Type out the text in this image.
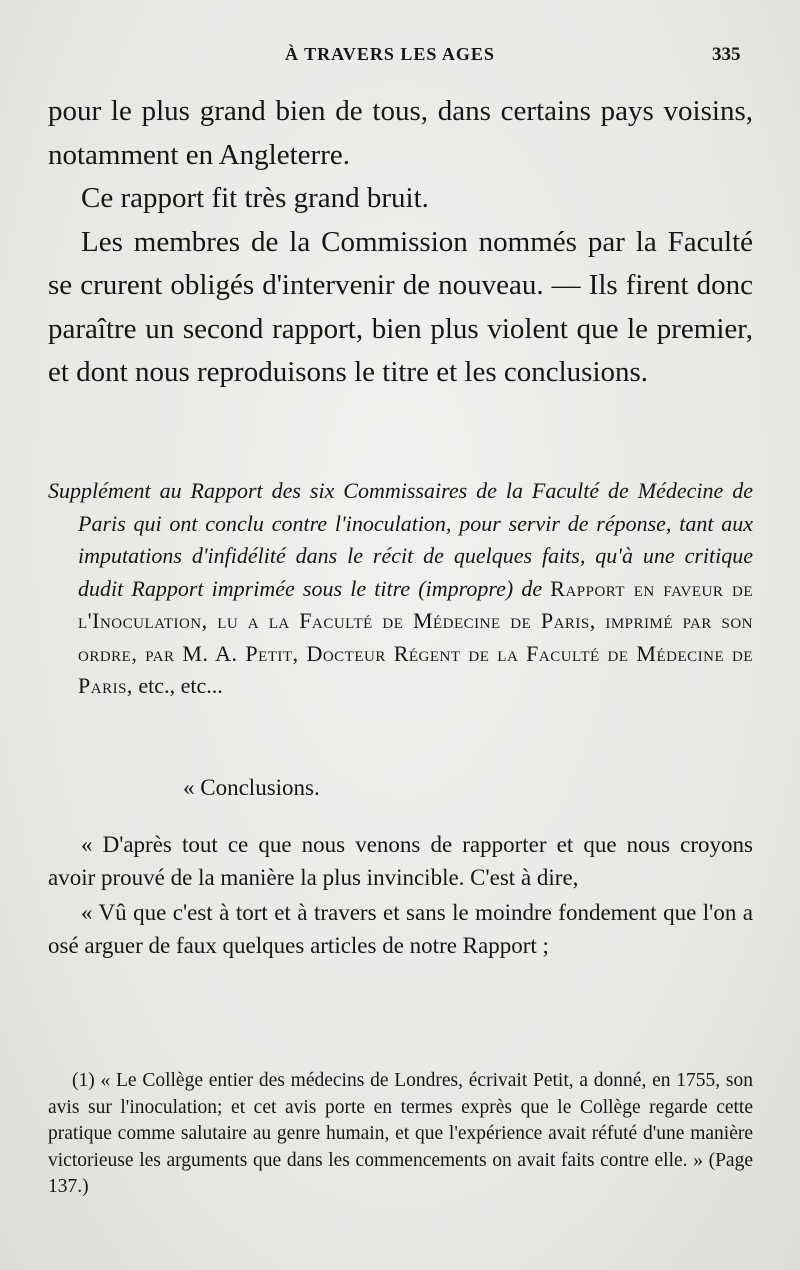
À TRAVERS LES AGES	335

pour le plus grand bien de tous, dans certains pays voisins, notamment en Angleterre.

Ce rapport fit très grand bruit.

Les membres de la Commission nommés par la Faculté se crurent obligés d'intervenir de nouveau. — Ils firent donc paraître un second rapport, bien plus violent que le premier, et dont nous reproduisons le titre et les conclusions.

Supplément au Rapport des six Commissaires de la Faculté de Médecine de Paris qui ont conclu contre l'inoculation, pour servir de réponse, tant aux imputations d'infidélité dans le récit de quelques faits, qu'à une critique dudit Rapport imprimée sous le titre (impropre) de Rapport en faveur de l'Inoculation, lu a la Faculté de Médecine de Paris, imprimé par son ordre, par M. A. Petit, Docteur Régent de la Faculté de Médecine de Paris, etc., etc...
« Conclusions.

« D'après tout ce que nous venons de rapporter et que nous croyons avoir prouvé de la manière la plus invincible. C'est à dire,

« Vû que c'est à tort et à travers et sans le moindre fondement que l'on a osé arguer de faux quelques articles de notre Rapport ;

(1) « Le Collège entier des médecins de Londres, écrivait Petit, a donné, en 1755, son avis sur l'inoculation; et cet avis porte en termes exprès que le Collège regarde cette pratique comme salutaire au genre humain, et que l'expérience avait réfuté d'une manière victorieuse les arguments que dans les commencements on avait faits contre elle. » (Page 137.)
